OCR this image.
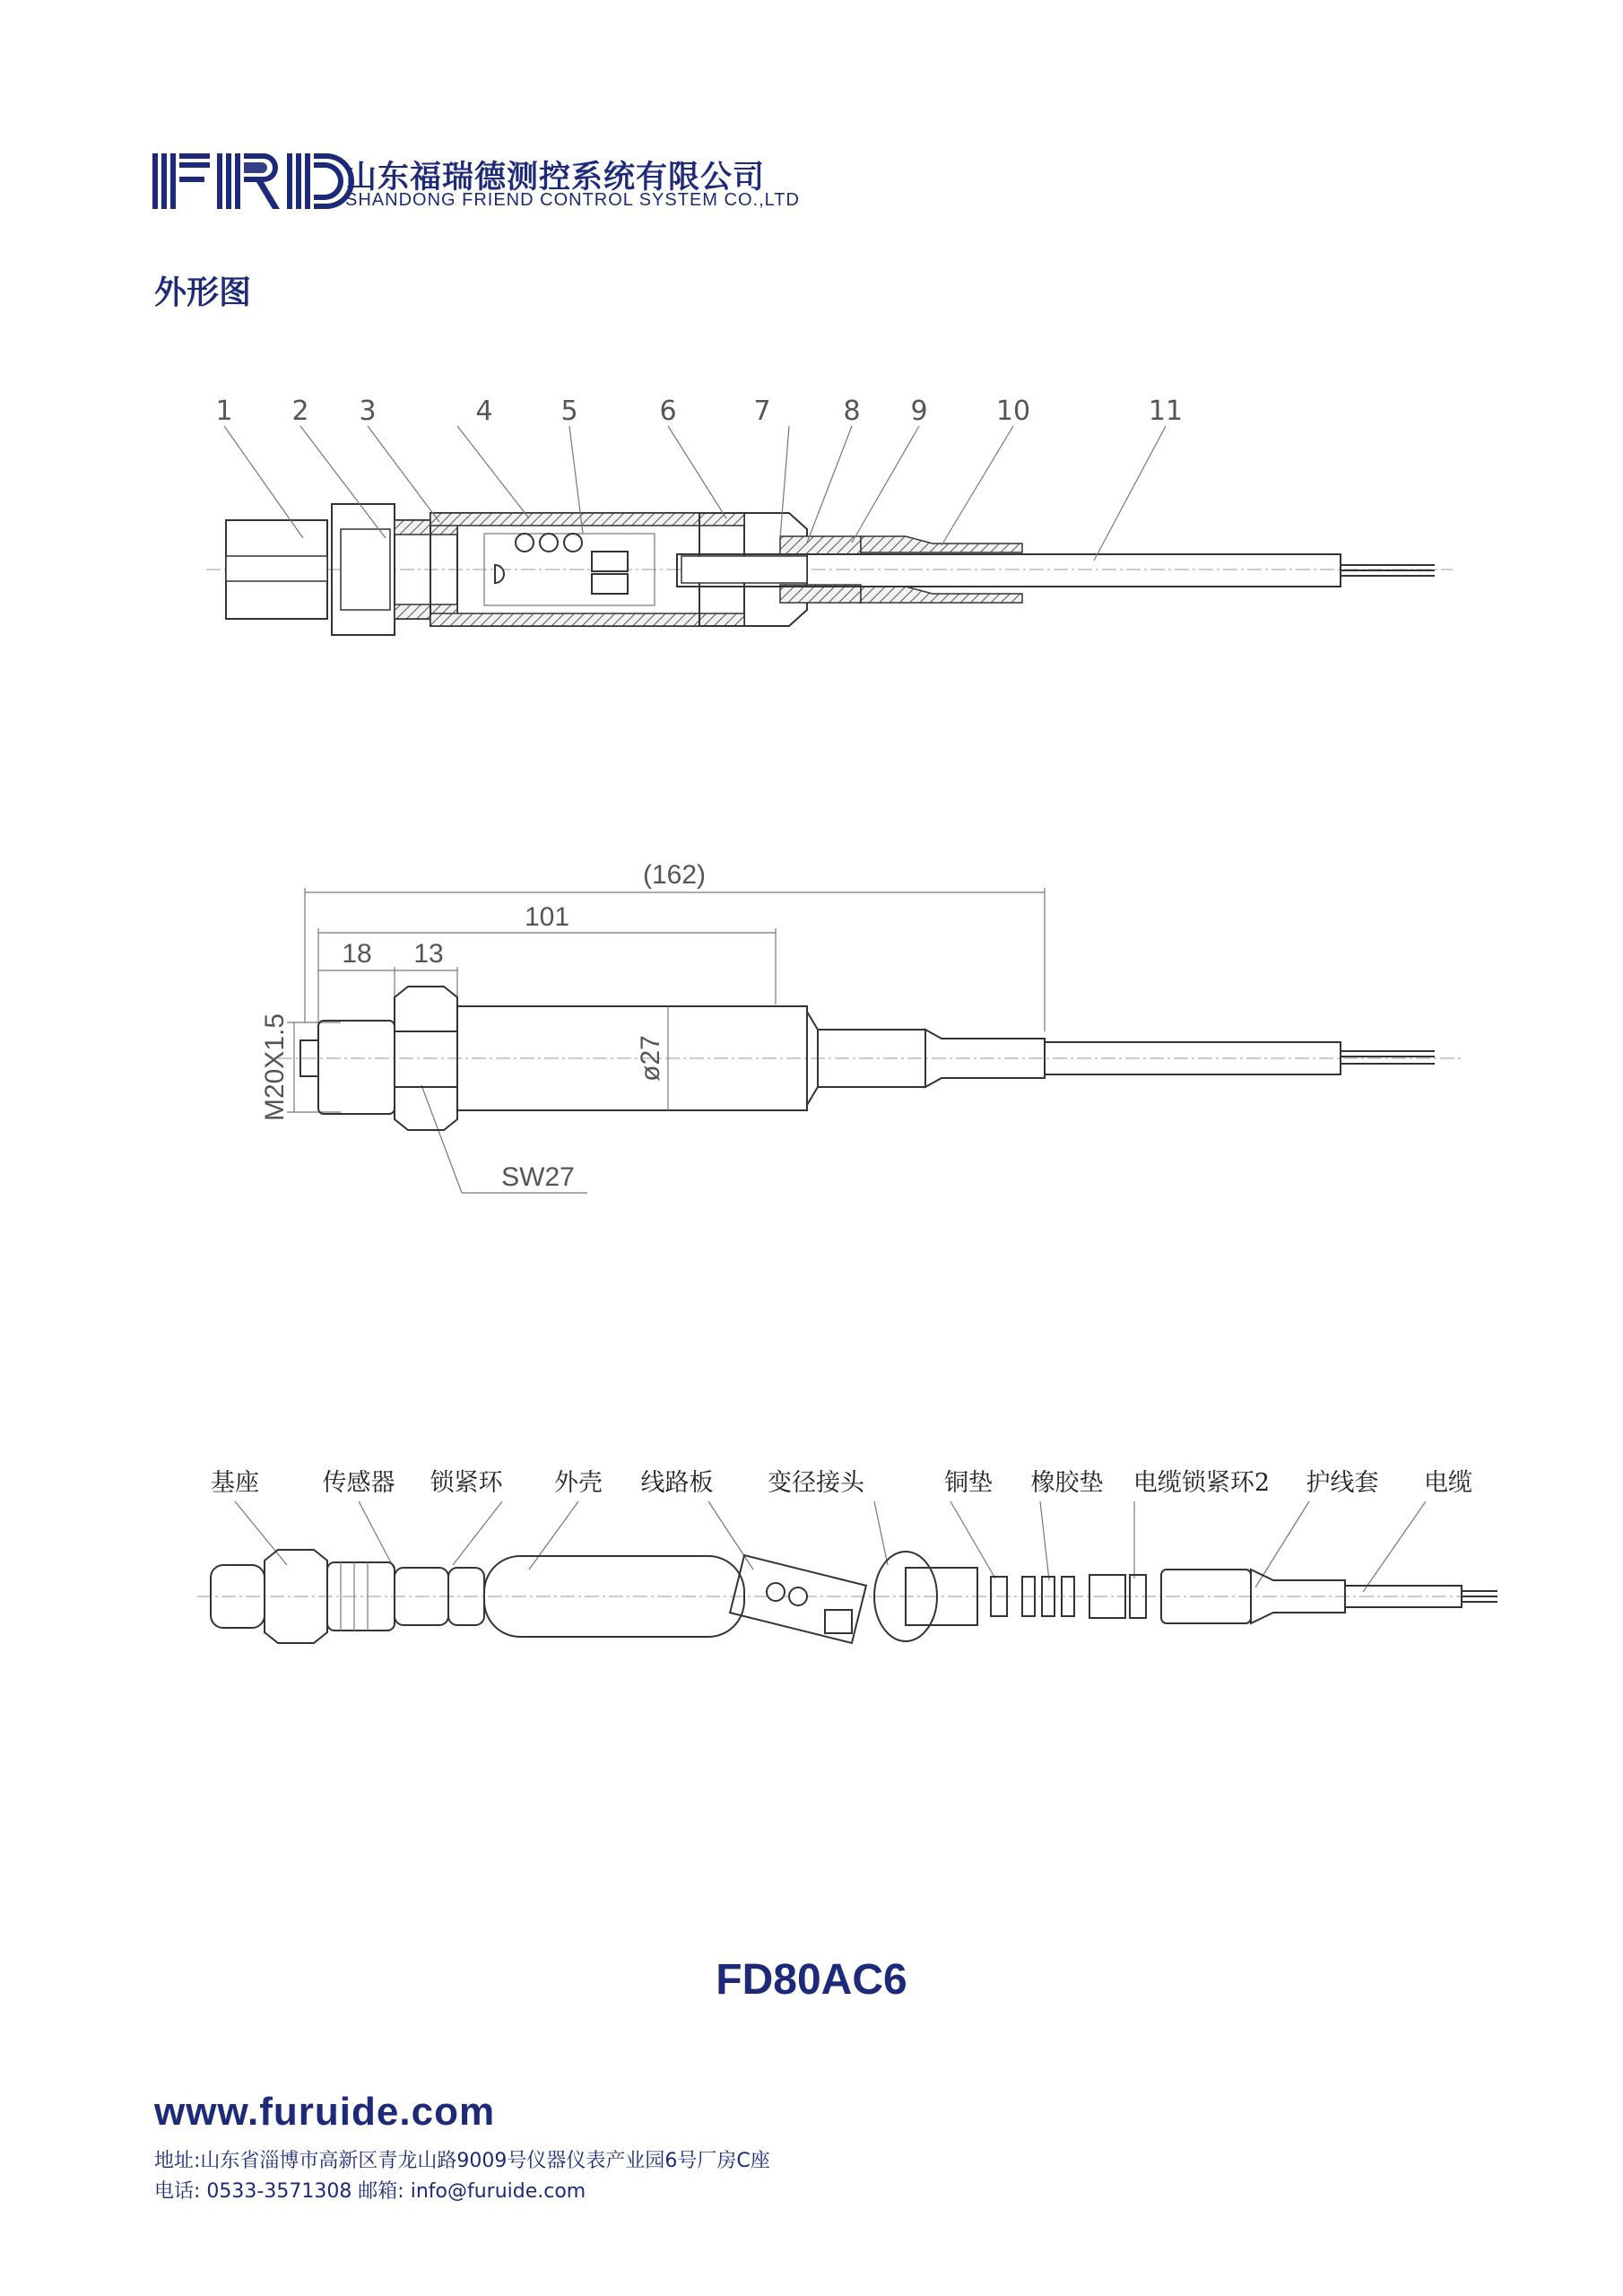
山东福瑞德测控系统有限公司
SHANDONG FRIEND CONTROL SYSTEM CO.,LTD
外形图
1 2 3	4	5	6	7	8 9	10	11
(162)
101
18 13
M20X1.5	ø27
SW27
基座	传感器 锁紧环 外壳 线路板 变径接头	铜垫 橡胶垫 电缆锁紧环2 护线套 电缆
FD80AC6
www.furuide.com
地址:山东省淄博市高新区青龙山路9009号仪器仪表产业园6号厂房C座
电话: 0533-3571308 邮箱: info@furuide.com
